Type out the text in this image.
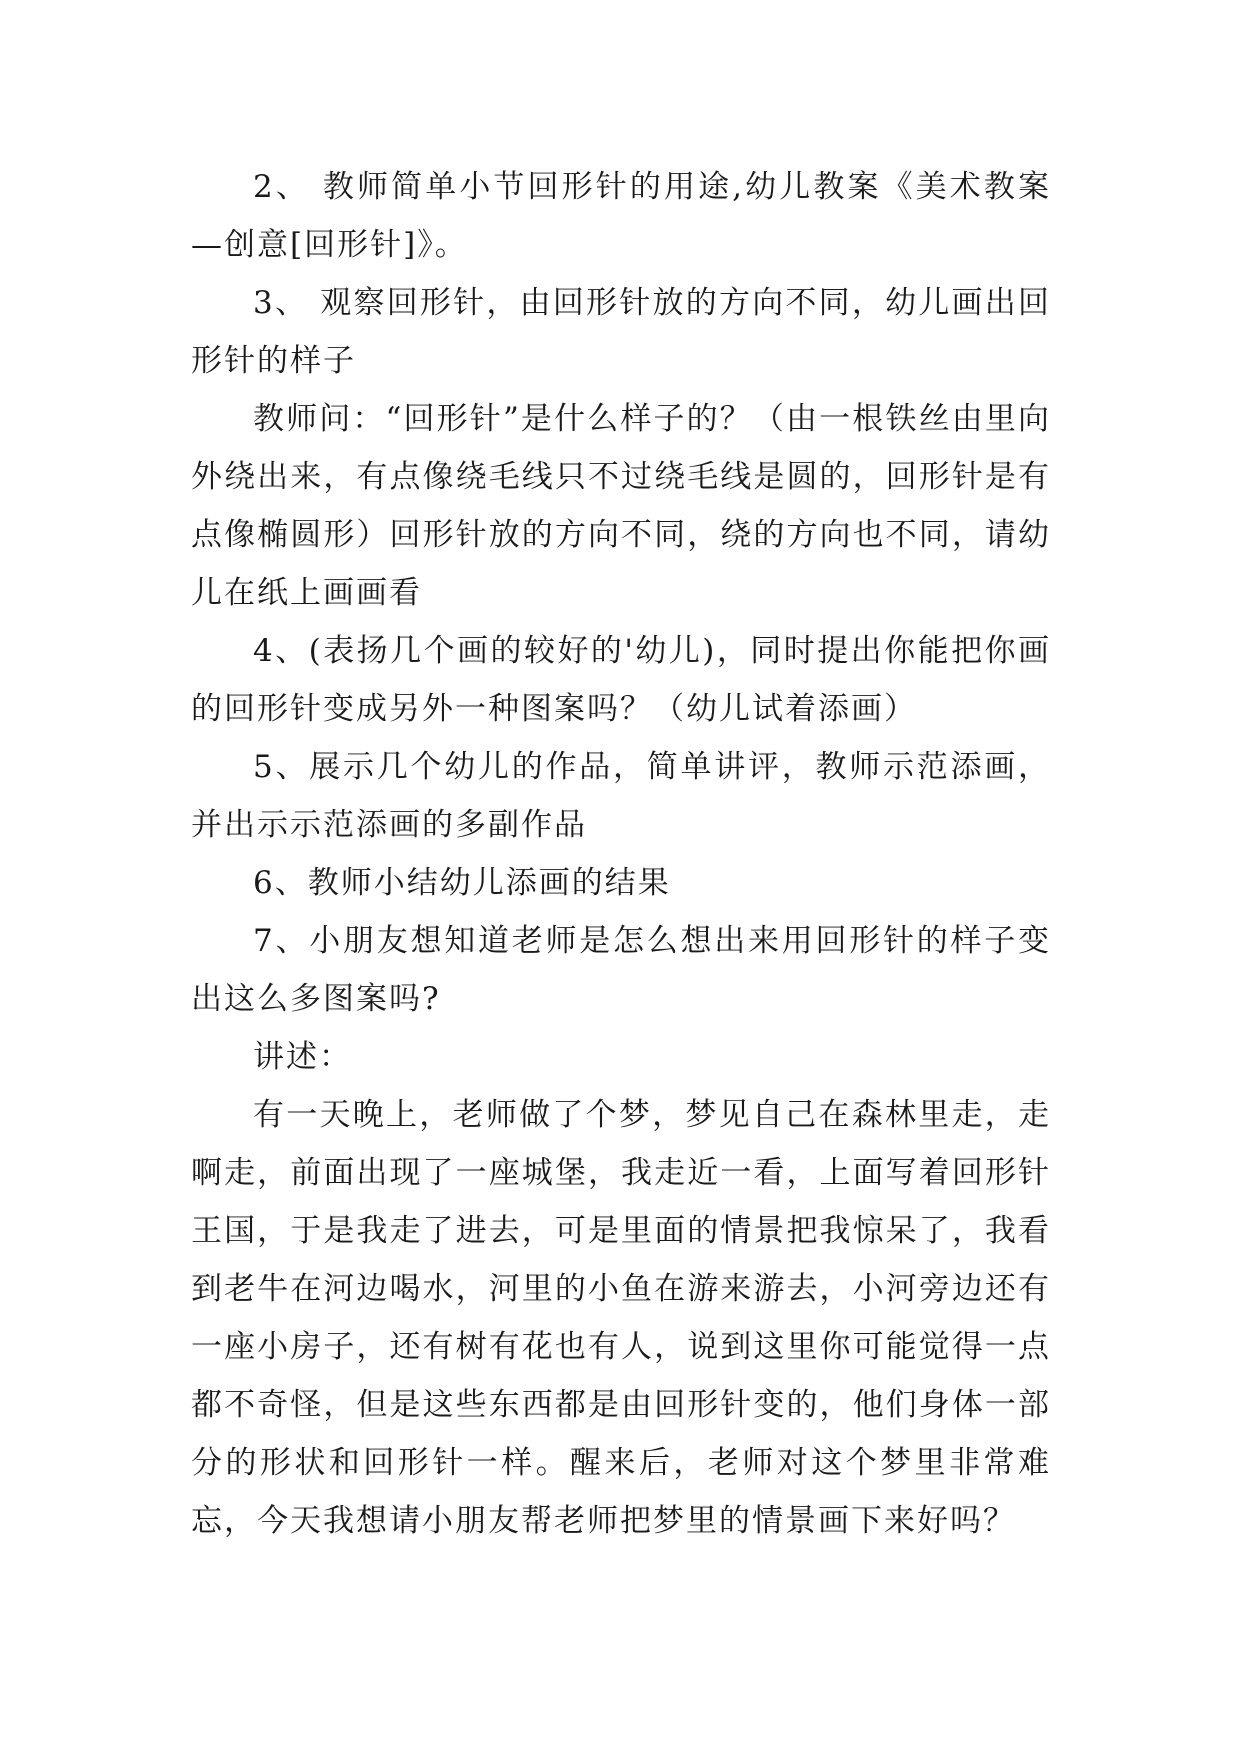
2、 教师简单小节回形针的用途,幼儿教案《美术教案—创意[回形针]》。

3、 观察回形针，由回形针放的方向不同，幼儿画出回形针的样子

教师问：“回形针”是什么样子的？（由一根铁丝由里向外绕出来，有点像绕毛线只不过绕毛线是圆的，回形针是有点像椭圆形）回形针放的方向不同，绕的方向也不同，请幼儿在纸上画画看

4、(表扬几个画的较好的'幼儿)，同时提出你能把你画的回形针变成另外一种图案吗？（幼儿试着添画）

5、展示几个幼儿的作品，简单讲评，教师示范添画，并出示示范添画的多副作品

6、教师小结幼儿添画的结果

7、小朋友想知道老师是怎么想出来用回形针的样子变出这么多图案吗?

讲述：

有一天晚上，老师做了个梦，梦见自己在森林里走，走啊走，前面出现了一座城堡，我走近一看，上面写着回形针王国，于是我走了进去，可是里面的情景把我惊呆了，我看到老牛在河边喝水，河里的小鱼在游来游去，小河旁边还有一座小房子，还有树有花也有人，说到这里你可能觉得一点都不奇怪，但是这些东西都是由回形针变的，他们身体一部分的形状和回形针一样。醒来后，老师对这个梦里非常难忘，今天我想请小朋友帮老师把梦里的情景画下来好吗？
